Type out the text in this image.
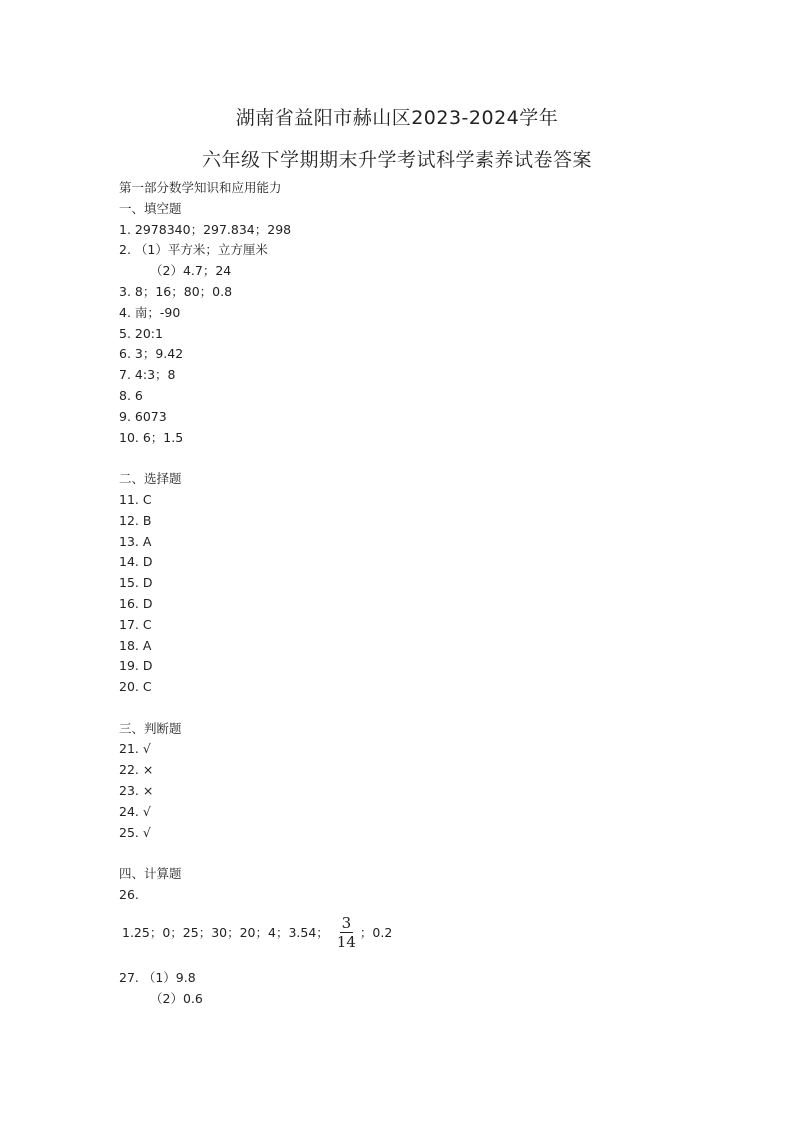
湖南省益阳市赫山区2023-2024学年
六年级下学期期末升学考试科学素养试卷答案
第一部分数学知识和应用能力
一、填空题
1. 2978340；297.834；298
2. （1）平方米；立方厘米
（2）4.7；24
3. 8；16；80；0.8
4. 南；-90
5. 20:1
6. 3；9.42
7. 4:3；8
8. 6
9. 6073
10. 6；1.5
二、选择题
11. C
12. B
13. A
14. D
15. D
16. D
17. C
18. A
19. D
20. C
三、判断题
21. √
22. ×
23. ×
24. √
25. √
四、计算题
26.
1.25；0；25；30；20；4；3.54； $\frac{3}{14}$ ；0.2
27. （1）9.8
（2）0.6
